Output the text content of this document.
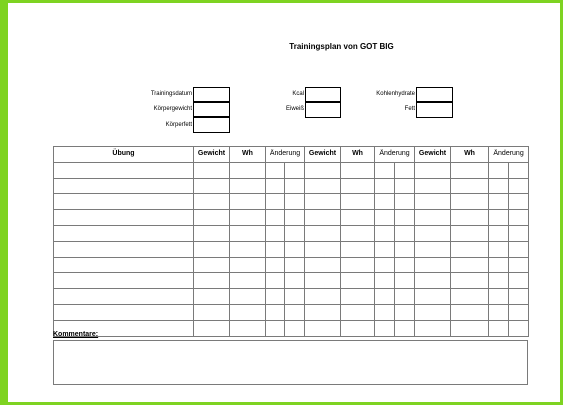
Trainingsplan von GOT BIG
Trainingsdatum
Körpergewicht
Körperfett
Kcal
Eiweiß
Kohlenhydrate
Fett
Übung	Gewicht	Wh	Änderung		Gewicht	Wh	Änderung		Gewicht	Wh	Änderung	

Kommentare:
